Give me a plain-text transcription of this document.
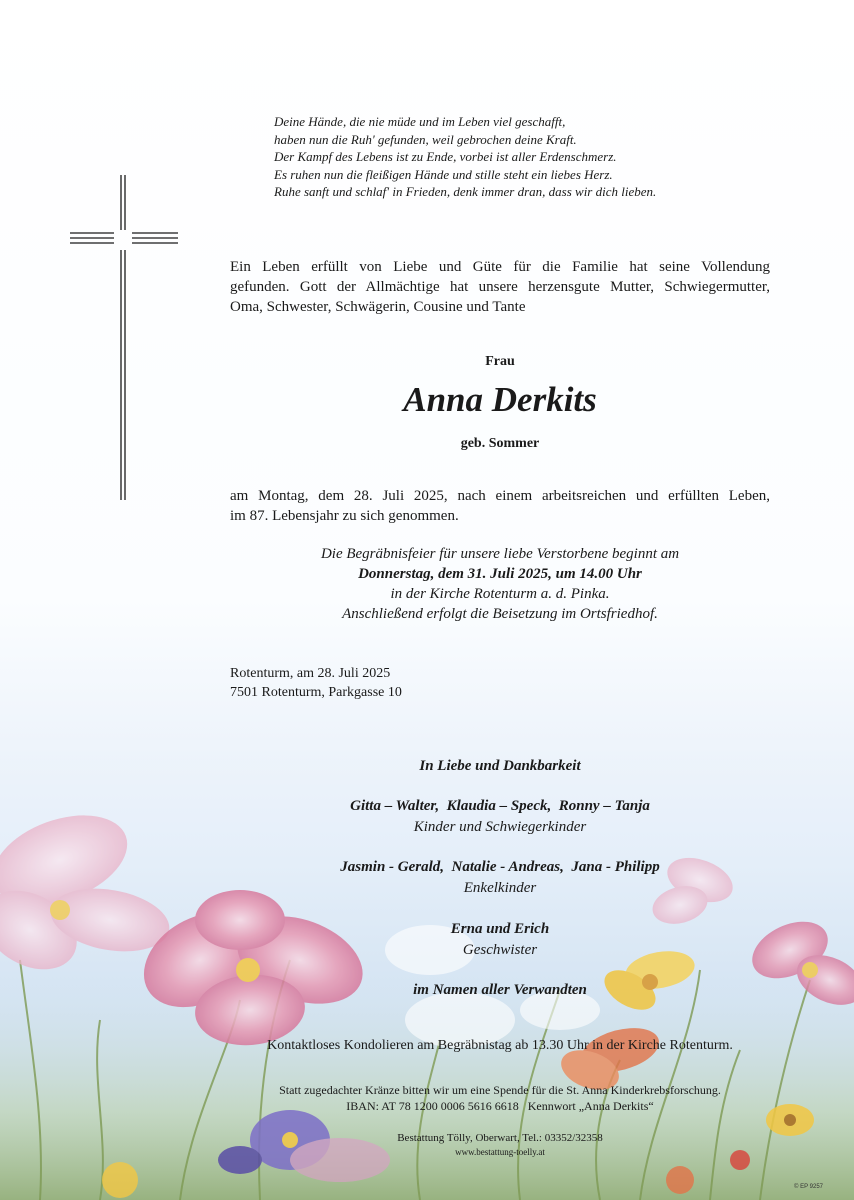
Deine Hände, die nie müde und im Leben viel geschafft,
haben nun die Ruh' gefunden, weil gebrochen deine Kraft.
Der Kampf des Lebens ist zu Ende, vorbei ist aller Erdenschmerz.
Es ruhen nun die fleißigen Hände und stille steht ein liebes Herz.
Ruhe sanft und schlaf' in Frieden, denk immer dran, dass wir dich lieben.
Ein Leben erfüllt von Liebe und Güte für die Familie hat seine Vollendung
gefunden. Gott der Allmächtige hat unsere herzensgute Mutter, Schwiegermutter,
Oma, Schwester, Schwägerin, Cousine und Tante
Frau
Anna Derkits
geb. Sommer
am Montag, dem 28. Juli 2025, nach einem arbeitsreichen und erfüllten Leben,
im 87. Lebensjahr zu sich genommen.
Die Begräbnisfeier für unsere liebe Verstorbene beginnt am
Donnerstag, dem 31. Juli 2025, um 14.00 Uhr
in der Kirche Rotenturm a. d. Pinka.
Anschließend erfolgt die Beisetzung im Ortsfriedhof.
Rotenturm, am 28. Juli 2025
7501 Rotenturm, Parkgasse 10
In Liebe und Dankbarkeit
Gitta – Walter,  Klaudia – Speck,  Ronny – Tanja
Kinder und Schwiegerkinder
Jasmin - Gerald,  Natalie - Andreas,  Jana - Philipp
Enkelkinder
Erna und Erich
Geschwister
im Namen aller Verwandten
Kontaktloses Kondolieren am Begräbnistag ab 13.30 Uhr in der Kirche Rotenturm.
Statt zugedachter Kränze bitten wir um eine Spende für die St. Anna Kinderkrebsforschung.
IBAN: AT 78 1200 0006 5616 6618   Kennwort „Anna Derkits“
Bestattung Tölly, Oberwart, Tel.: 03352/32358
www.bestattung-toelly.at
© EP 9257
